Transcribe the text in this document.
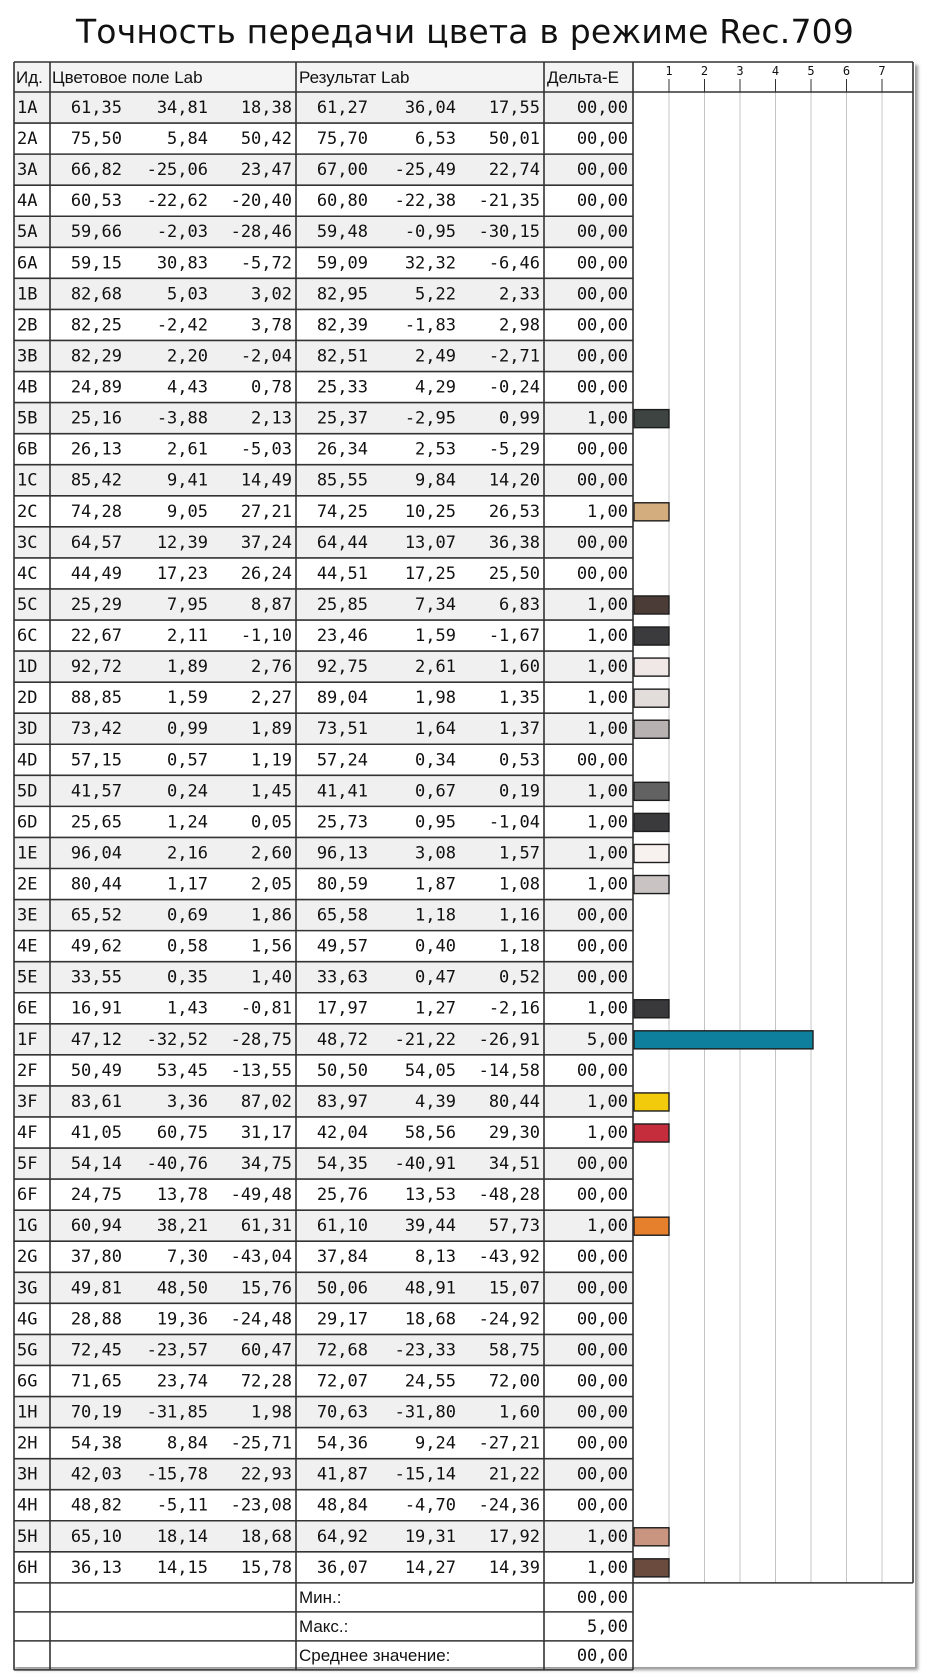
Точность передачи цвета в режиме Rec.709
Ид. Цветовое поле Lab	Результат Lab	Дельта-E	1 2 3 4 5 6 7
1A 61,35 34,81 18,38 61,27 36,04 17,55 00,00
2A 75,50	5,84 50,42 75,70	6,53 50,01 00,00
3A 66,82 -25,06 23,47 67,00 -25,49 22,74 00,00
4A 60,53 -22,62 -20,40 60,80 -22,38 -21,35 00,00
5A 59,66 -2,03 -28,46 59,48 -0,95 -30,15 00,00
6A 59,15 30,83 -5,72 59,09 32,32 -6,46 00,00
1B 82,68	5,03	3,02 82,95	5,22	2,33 00,00
2B 82,25 -2,42	3,78 82,39 -1,83	2,98 00,00
3B 82,29	2,20 -2,04 82,51	2,49 -2,71 00,00
4B 24,89	4,43	0,78 25,33	4,29 -0,24 00,00
5B 25,16 -3,88	2,13 25,37 -2,95	0,99	1,00
6B 26,13	2,61 -5,03 26,34	2,53 -5,29 00,00
1C 85,42	9,41 14,49 85,55	9,84 14,20 00,00
2C 74,28	9,05 27,21 74,25 10,25 26,53	1,00
3C 64,57 12,39 37,24 64,44 13,07 36,38 00,00
4C 44,49 17,23 26,24 44,51 17,25 25,50 00,00
5C 25,29	7,95	8,87 25,85	7,34	6,83	1,00
6C 22,67	2,11 -1,10 23,46	1,59 -1,67	1,00
1D 92,72	1,89	2,76 92,75	2,61	1,60	1,00
2D 88,85	1,59	2,27 89,04	1,98	1,35	1,00
3D 73,42	0,99	1,89 73,51	1,64	1,37	1,00
4D 57,15	0,57	1,19 57,24	0,34	0,53 00,00
5D 41,57	0,24	1,45 41,41	0,67	0,19	1,00
6D 25,65	1,24	0,05 25,73	0,95 -1,04	1,00
1E 96,04	2,16	2,60 96,13	3,08	1,57	1,00
2E 80,44	1,17	2,05 80,59	1,87	1,08	1,00
3E 65,52	0,69	1,86 65,58	1,18	1,16 00,00
4E 49,62	0,58	1,56 49,57	0,40	1,18 00,00
5E 33,55	0,35	1,40 33,63	0,47	0,52 00,00
6E 16,91	1,43 -0,81 17,97	1,27 -2,16	1,00
1F 47,12 -32,52 -28,75 48,72 -21,22 -26,91	5,00
2F 50,49 53,45 -13,55 50,50 54,05 -14,58 00,00
3F 83,61	3,36 87,02 83,97	4,39 80,44	1,00
4F 41,05 60,75 31,17 42,04 58,56 29,30	1,00
5F 54,14 -40,76 34,75 54,35 -40,91 34,51 00,00
6F 24,75 13,78 -49,48 25,76 13,53 -48,28 00,00
1G 60,94 38,21 61,31 61,10 39,44 57,73	1,00
2G 37,80	7,30 -43,04 37,84	8,13 -43,92 00,00
3G 49,81 48,50 15,76 50,06 48,91 15,07 00,00
4G 28,88 19,36 -24,48 29,17 18,68 -24,92 00,00
5G 72,45 -23,57 60,47 72,68 -23,33 58,75 00,00
6G 71,65 23,74 72,28 72,07 24,55 72,00 00,00
1H 70,19 -31,85	1,98 70,63 -31,80	1,60 00,00
2H 54,38	8,84 -25,71 54,36	9,24 -27,21 00,00
3H 42,03 -15,78 22,93 41,87 -15,14 21,22 00,00
4H 48,82 -5,11 -23,08 48,84 -4,70 -24,36 00,00
5H 65,10 18,14 18,68 64,92 19,31 17,92	1,00
6H 36,13 14,15 15,78 36,07 14,27 14,39	1,00
Мин.:	00,00
Макс.:	5,00
Среднее значение:	00,00
